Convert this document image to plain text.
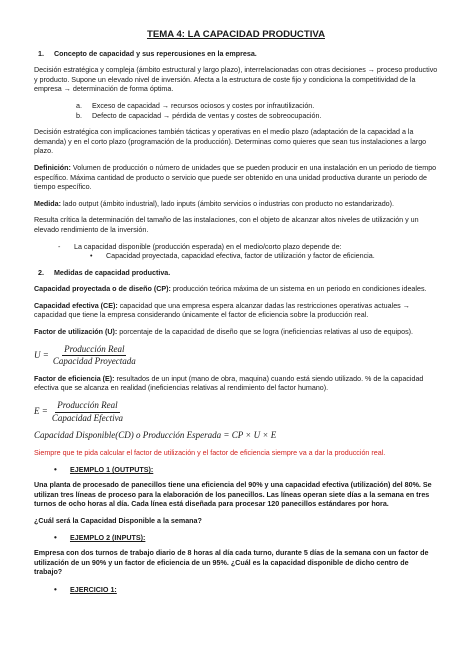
TEMA 4: LA CAPACIDAD PRODUCTIVA
1. Concepto de capacidad y sus repercusiones en la empresa.

Decisión estratégica y compleja (ámbito estructural y largo plazo), interrelacionadas con otras decisiones → proceso productivo y producto. Supone un elevado nivel de inversión. Afecta a la estructura de coste fijo y condiciona la competitividad de la empresa → determinación de forma óptima.

a. Exceso de capacidad → recursos ociosos y costes por infrautilización.

b. Defecto de capacidad → pérdida de ventas y costes de sobreocupación.

Decisión estratégica con implicaciones también tácticas y operativas en el medio plazo (adaptación de la capacidad a la demanda) y en el corto plazo (programación de la producción). Determinas como quieres que sean tus instalaciones a largo plazo.

Definición: Volumen de producción o número de unidades que se pueden producir en una instalación en un periodo de tiempo específico. Máxima cantidad de producto o servicio que puede ser obtenido en una unidad productiva durante un periodo de tiempo específico.

Medida: lado output (ámbito industrial), lado inputs (ámbito servicios o industrias con producto no estandarizado).

Resulta crítica la determinación del tamaño de las instalaciones, con el objeto de alcanzar altos niveles de utilización y un elevado rendimiento de la inversión.

- La capacidad disponible (producción esperada) en el medio/corto plazo depende de:

• Capacidad proyectada, capacidad efectiva, factor de utilización y factor de eficiencia.

2. Medidas de capacidad productiva.

Capacidad proyectada o de diseño (CP): producción teórica máxima de un sistema en un periodo en condiciones ideales.

Capacidad efectiva (CE): capacidad que una empresa espera alcanzar dadas las restricciones operativas actuales → capacidad que tiene la empresa considerando únicamente el factor de eficiencia sobre la producción real.

Factor de utilización (U): porcentaje de la capacidad de diseño que se logra (ineficiencias relativas al uso de equipos).

$U = \frac{\text{Producción Real}}{\text{Capacidad Proyectada}}$

Factor de eficiencia (E): resultados de un input (mano de obra, maquina) cuando está siendo utilizado. % de la capacidad efectiva que se alcanza en realidad (ineficiencias relativas al rendimiento del factor humano).

$E = \frac{\text{Producción Real}}{\text{Capacidad Efectiva}}$
Capacidad Disponible(CD) o Producción Esperada = CP × U × E

Siempre que te pida calcular el factor de utilización y el factor de eficiencia siempre va a dar la producción real.

• EJEMPLO 1 (OUTPUTS):

Una planta de procesado de panecillos tiene una eficiencia del 90% y una capacidad efectiva (utilización) del 80%. Se utilizan tres líneas de proceso para la elaboración de los panecillos. Las líneas operan siete días a la semana en tres turnos de ocho horas al día. Cada línea está diseñada para procesar 120 panecillos estándares por hora.

¿Cuál será la Capacidad Disponible a la semana?

• EJEMPLO 2 (INPUTS):

Empresa con dos turnos de trabajo diario de 8 horas al día cada turno, durante 5 días de la semana con un factor de utilización de un 90% y un factor de eficiencia de un 95%. ¿Cuál es la capacidad disponible de dicho centro de trabajo?

• EJERCICIO 1:
